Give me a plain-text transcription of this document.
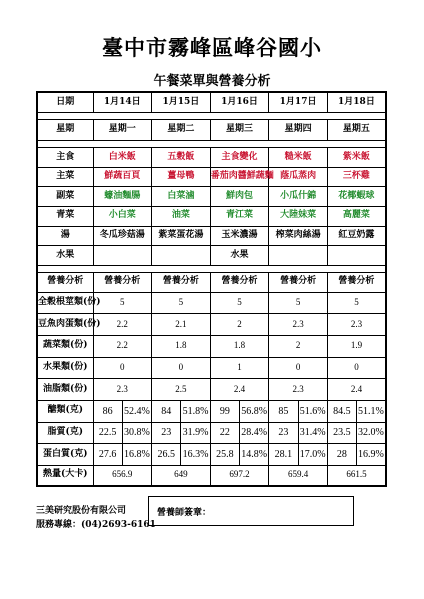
臺中市霧峰區峰谷國小
午餐菜單與營養分析
日期	1月14日	1月15日	1月16日	1月17日	1月18日

星期	星期一	星期二	星期三	星期四	星期五

主食	白米飯	五穀飯	主食變化	糙米飯	紫米飯
主菜	鮮蔬百頁	薑母鴨	番茄肉醬鮮蔬麵	蔭瓜蒸肉	三杯雞
副菜	蠔油麵腸	白菜滷	鮮肉包	小瓜什錦	花椰蝦球
青菜	小白菜	油菜	青江菜	大陸妹菜	高麗菜
湯	冬瓜珍菇湯	紫菜蛋花湯	玉米濃湯	榨菜肉絲湯	紅豆奶露
水果			水果		

營養分析	營養分析	營養分析	營養分析	營養分析	營養分析
全穀根莖類(份)	5	5	5	5	5
豆魚肉蛋類(份)	2.2	2.1	2	2.3	2.3
蔬菜類(份)	2.2	1.8	1.8	2	1.9
水果類(份)	0	0	1	0	0
油脂類(份)	2.3	2.5	2.4	2.3	2.4
醣類(克)	86 52.4%	84 51.8%	99 56.8%	85 51.6%	84.5 51.1%

脂質(克)	22.5 30.8%	23 31.9%	22 28.4%	23 31.4%	23.5 32.0%

蛋白質(克)	27.6 16.8%	26.5 16.3%	25.8 14.8%	28.1 17.0%	28 16.9%

熱量(大卡)	656.9	649	697.2	659.4	661.5
三美研究股份有限公司
服務專線：(04)2693-6161
營養師簽章：
